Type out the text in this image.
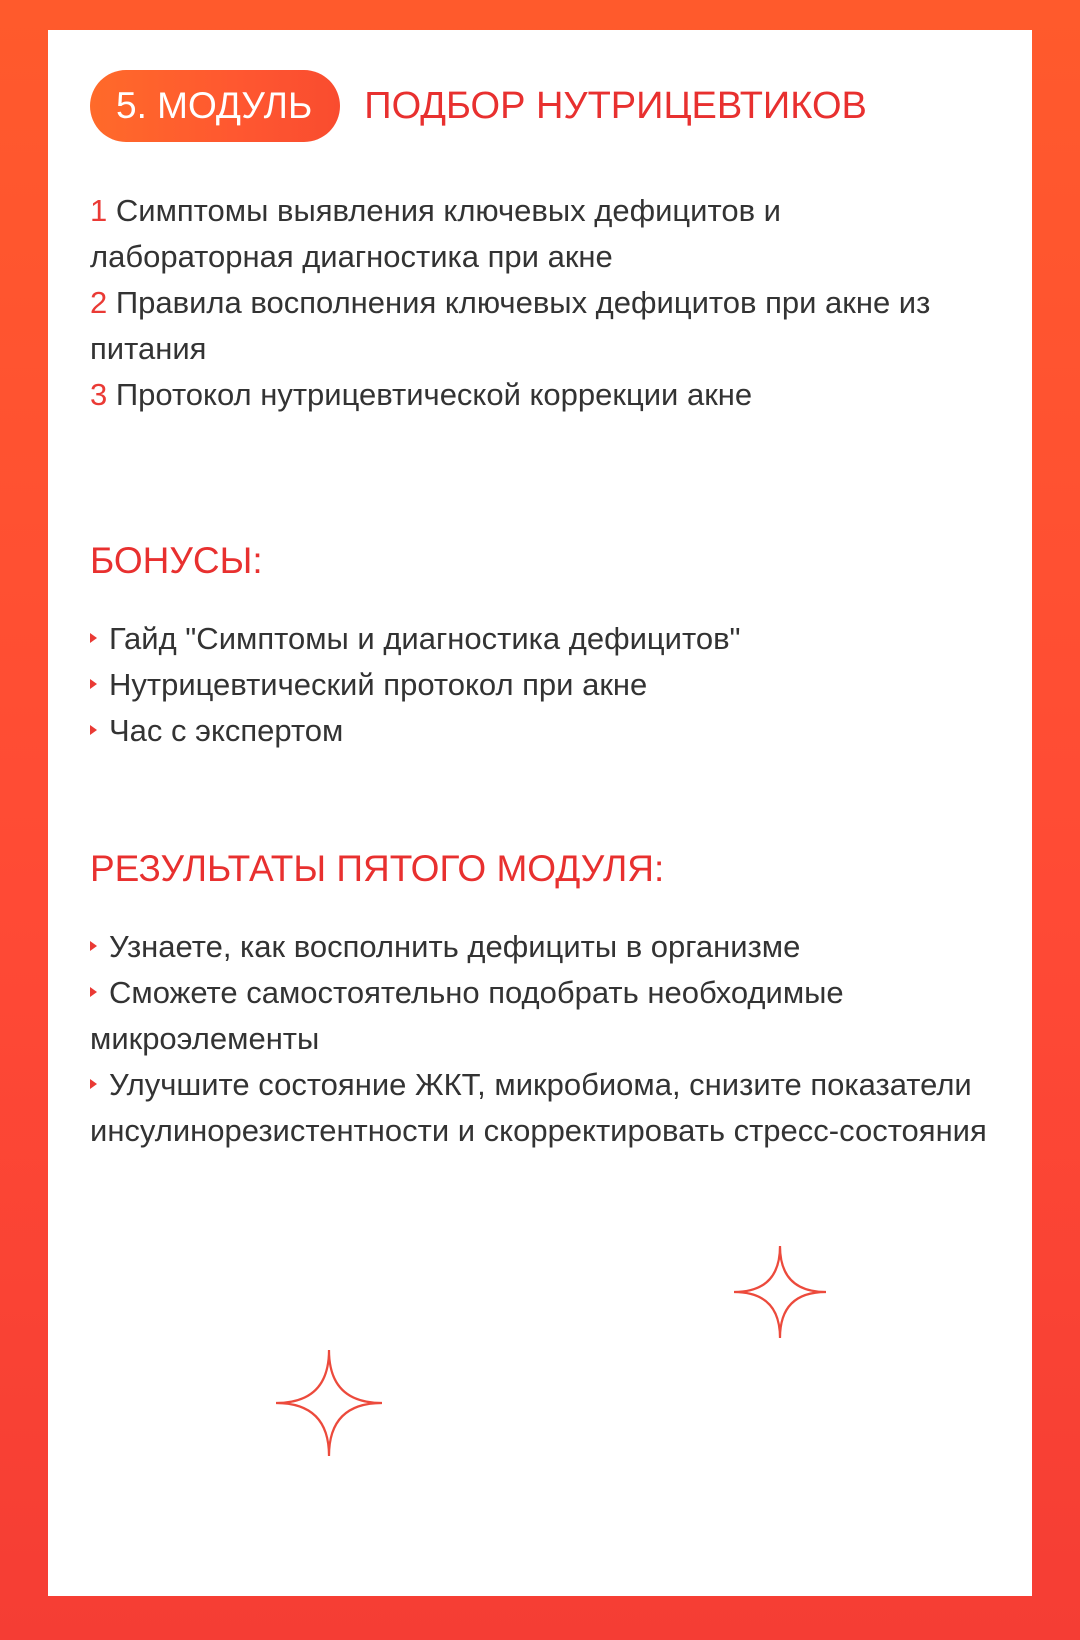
5. МОДУЛЬ	ПОДБОР НУТРИЦЕВТИКОВ
1 Симптомы выявления ключевых дефицитов и лабораторная диагностика при акне
2 Правила восполнения ключевых дефицитов при акне из питания
3 Протокол нутрицевтической коррекции акне
БОНУСЫ:
Гайд "Симптомы и диагностика дефицитов"
Нутрицевтический протокол при акне
Час с экспертом
РЕЗУЛЬТАТЫ ПЯТОГО МОДУЛЯ:
Узнаете, как восполнить дефициты в организме
Сможете самостоятельно подобрать необходимые микроэлементы
Улучшите состояние ЖКТ, микробиома, снизите показатели инсулинорезистентности и скорректировать стресс-состояния
